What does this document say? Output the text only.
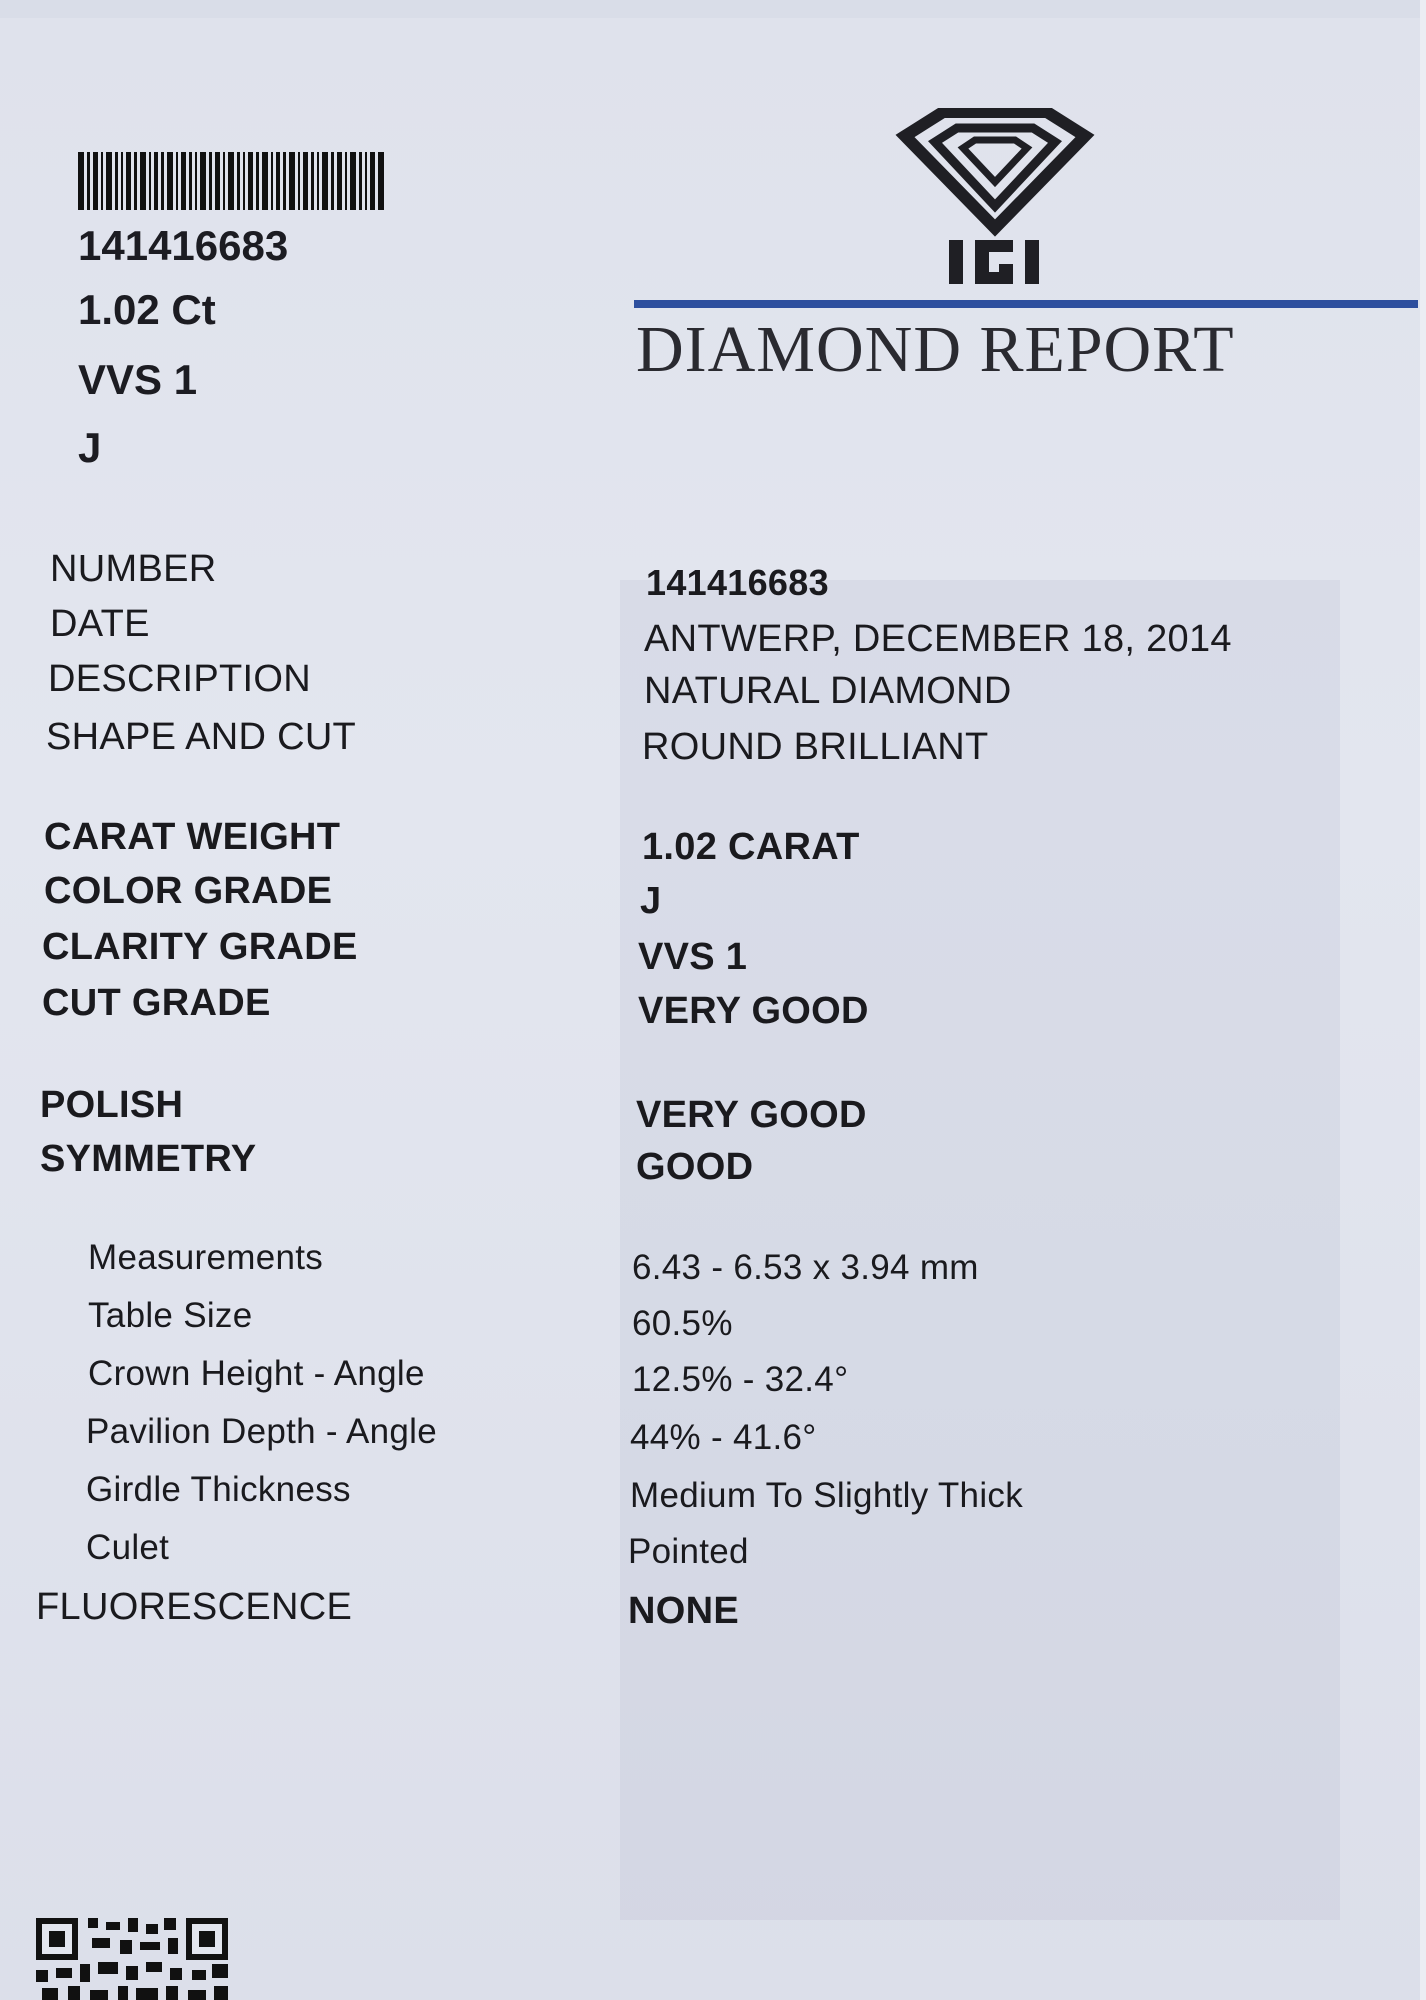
141416683
1.02 Ct
VVS 1
J
DIAMOND REPORT
NUMBER	141416683
DATE	ANTWERP, DECEMBER 18, 2014
DESCRIPTION	NATURAL DIAMOND
SHAPE AND CUT	ROUND BRILLIANT
CARAT WEIGHT	1.02 CARAT
COLOR GRADE	J
CLARITY GRADE	VVS 1
CUT GRADE	VERY GOOD
POLISH	VERY GOOD
SYMMETRY	GOOD
Measurements	6.43 - 6.53 x 3.94 mm
Table Size	60.5%
Crown Height - Angle	12.5% - 32.4°
Pavilion Depth - Angle	44% - 41.6°
Girdle Thickness	Medium To Slightly Thick
Culet	Pointed
FLUORESCENCE	NONE
